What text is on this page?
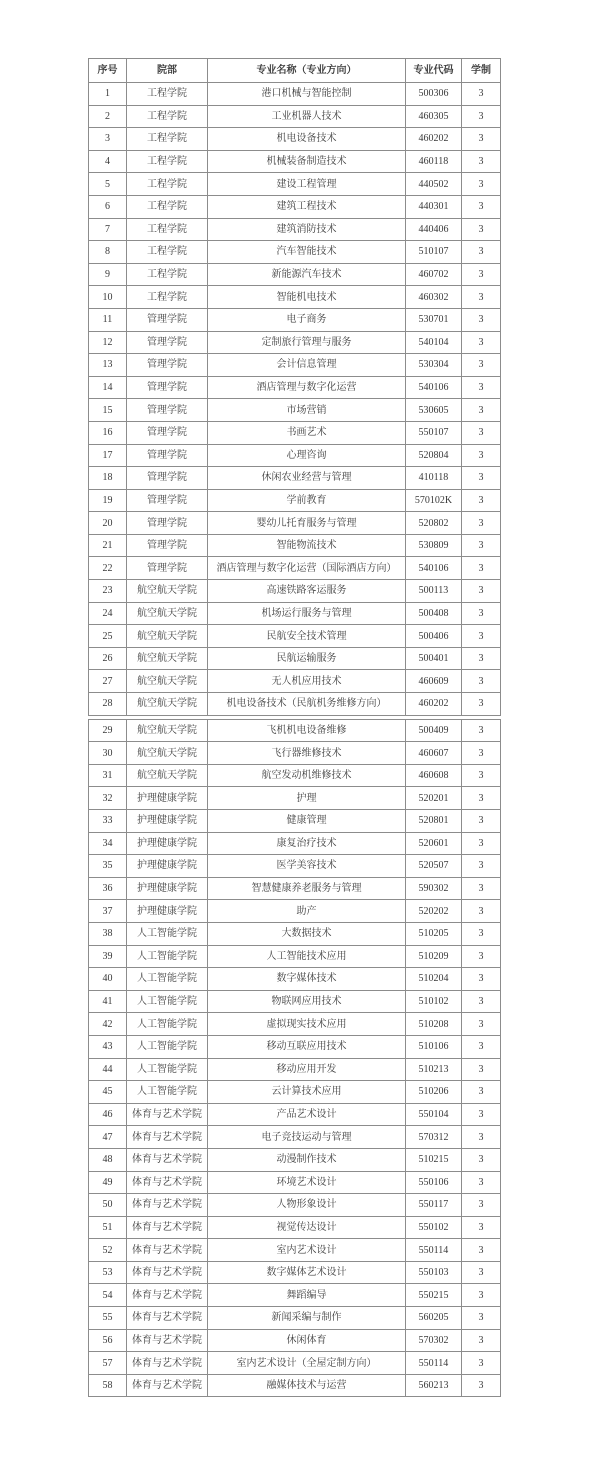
序号	院部	专业名称（专业方向）	专业代码	学制
1	工程学院	港口机械与智能控制	500306	3
2	工程学院	工业机器人技术	460305	3
3	工程学院	机电设备技术	460202	3
4	工程学院	机械装备制造技术	460118	3
5	工程学院	建设工程管理	440502	3
6	工程学院	建筑工程技术	440301	3
7	工程学院	建筑消防技术	440406	3
8	工程学院	汽车智能技术	510107	3
9	工程学院	新能源汽车技术	460702	3
10	工程学院	智能机电技术	460302	3
11	管理学院	电子商务	530701	3
12	管理学院	定制旅行管理与服务	540104	3
13	管理学院	会计信息管理	530304	3
14	管理学院	酒店管理与数字化运营	540106	3
15	管理学院	市场营销	530605	3
16	管理学院	书画艺术	550107	3
17	管理学院	心理咨询	520804	3
18	管理学院	休闲农业经营与管理	410118	3
19	管理学院	学前教育	570102K	3
20	管理学院	婴幼儿托育服务与管理	520802	3
21	管理学院	智能物流技术	530809	3
22	管理学院	酒店管理与数字化运营（国际酒店方向）	540106	3
23	航空航天学院	高速铁路客运服务	500113	3
24	航空航天学院	机场运行服务与管理	500408	3
25	航空航天学院	民航安全技术管理	500406	3
26	航空航天学院	民航运输服务	500401	3
27	航空航天学院	无人机应用技术	460609	3
28	航空航天学院	机电设备技术（民航机务维修方向）	460202	3
29	航空航天学院	飞机机电设备维修	500409	3
30	航空航天学院	飞行器维修技术	460607	3
31	航空航天学院	航空发动机维修技术	460608	3
32	护理健康学院	护理	520201	3
33	护理健康学院	健康管理	520801	3
34	护理健康学院	康复治疗技术	520601	3
35	护理健康学院	医学美容技术	520507	3
36	护理健康学院	智慧健康养老服务与管理	590302	3
37	护理健康学院	助产	520202	3
38	人工智能学院	大数据技术	510205	3
39	人工智能学院	人工智能技术应用	510209	3
40	人工智能学院	数字媒体技术	510204	3
41	人工智能学院	物联网应用技术	510102	3
42	人工智能学院	虚拟现实技术应用	510208	3
43	人工智能学院	移动互联应用技术	510106	3
44	人工智能学院	移动应用开发	510213	3
45	人工智能学院	云计算技术应用	510206	3
46	体育与艺术学院	产品艺术设计	550104	3
47	体育与艺术学院	电子竞技运动与管理	570312	3
48	体育与艺术学院	动漫制作技术	510215	3
49	体育与艺术学院	环境艺术设计	550106	3
50	体育与艺术学院	人物形象设计	550117	3
51	体育与艺术学院	视觉传达设计	550102	3
52	体育与艺术学院	室内艺术设计	550114	3
53	体育与艺术学院	数字媒体艺术设计	550103	3
54	体育与艺术学院	舞蹈编导	550215	3
55	体育与艺术学院	新闻采编与制作	560205	3
56	体育与艺术学院	休闲体育	570302	3
57	体育与艺术学院	室内艺术设计（全屋定制方向）	550114	3
58	体育与艺术学院	融媒体技术与运营	560213	3
